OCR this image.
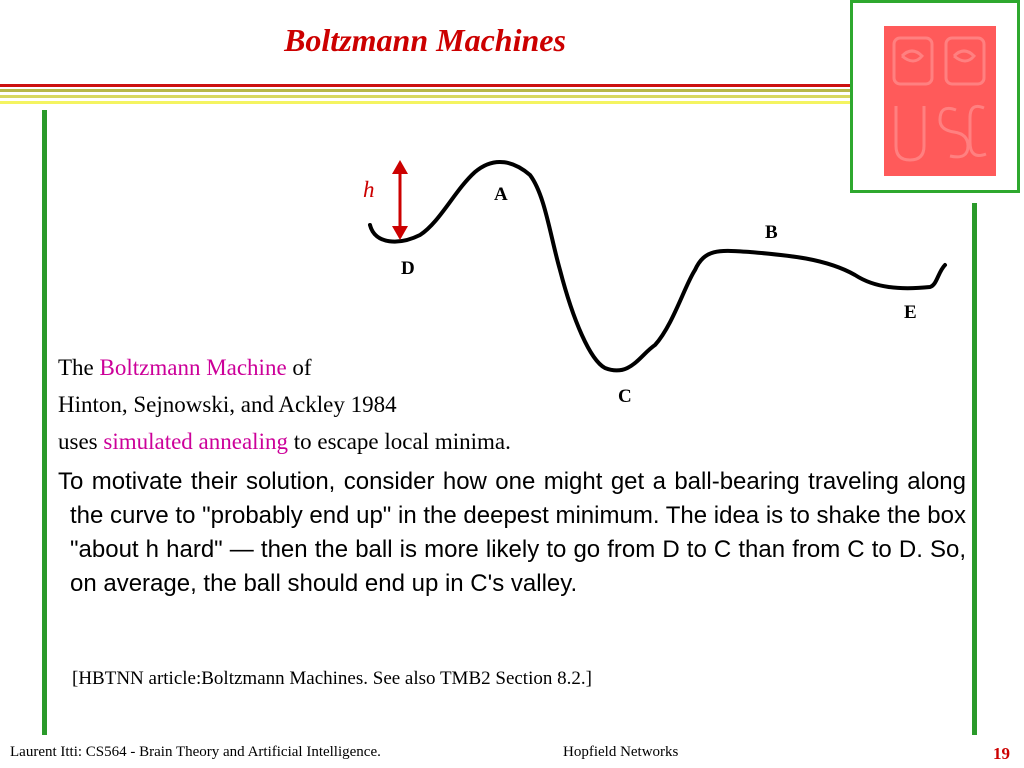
Boltzmann Machines
h	A
B
C
D
E
The Boltzmann Machine of
Hinton, Sejnowski, and Ackley 1984
uses simulated annealing to escape local minima.
To motivate their solution, consider how one might get a ball-bearing traveling along the curve to "probably end up" in the deepest minimum. The idea is to shake the box "about h hard" — then the ball is more likely to go from D to C than from C to D. So, on average, the ball should end up in C's valley.
[HBTNN article:Boltzmann Machines. See also TMB2 Section 8.2.]
Laurent Itti: CS564 - Brain Theory and Artificial Intelligence.	Hopfield Networks	19
